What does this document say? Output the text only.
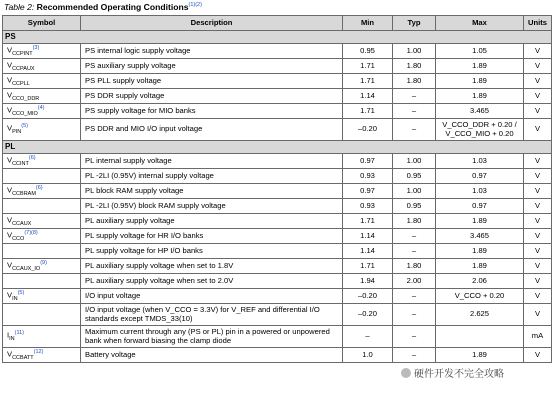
Table 2: Recommended Operating Conditions$^{(1)(2)}$
Symbol	Description	Min	Typ	Max	Units
PS					
$V_{CCPINT}^{(3)}$	PS internal logic supply voltage	0.95	1.00	1.05	V
$V_{CCPAUX}$	PS auxiliary supply voltage	1.71	1.80	1.89	V
$V_{CCPLL}$	PS PLL supply voltage	1.71	1.80	1.89	V
$V_{CCO\_DDR}$	PS DDR supply voltage	1.14	–	1.89	V
$V_{CCO\_MIO}^{(4)}$	PS supply voltage for MIO banks	1.71	–	3.465	V
$V_{PIN}^{(5)}$	PS DDR and MIO I/O input voltage	–0.20	–	V_CCO_DDR + 0.20 / V_CCO_MIO + 0.20	V
PL					
$V_{CCINT}^{(6)}$	PL internal supply voltage	0.97	1.00	1.03	V
	PL -2LI (0.95V) internal supply voltage	0.93	0.95	0.97	V
$V_{CCBRAM}^{(6)}$	PL block RAM supply voltage	0.97	1.00	1.03	V
	PL -2LI (0.95V) block RAM supply voltage	0.93	0.95	0.97	V
$V_{CCAUX}$	PL auxiliary supply voltage	1.71	1.80	1.89	V
$V_{CCO}^{(7)(8)}$	PL supply voltage for HR I/O banks	1.14	–	3.465	V
	PL supply voltage for HP I/O banks	1.14	–	1.89	V
$V_{CCAUX\_IO}^{(9)}$	PL auxiliary supply voltage when set to 1.8V	1.71	1.80	1.89	V
	PL auxiliary supply voltage when set to 2.0V	1.94	2.00	2.06	V
$V_{IN}^{(5)}$	I/O input voltage	–0.20	–	V_CCO + 0.20	V
	I/O input voltage (when V_CCO = 3.3V) for V_REF and differential I/O standards except TMDS_33(10)	–0.20	–	2.625	V
$I_{IN}^{(11)}$	Maximum current through any (PS or PL) pin in a powered or unpowered bank when forward biasing the clamp diode	–	–		mA
$V_{CCBATT}^{(12)}$	Battery voltage	1.0	–	1.89	V
硬件开发不完全攻略
